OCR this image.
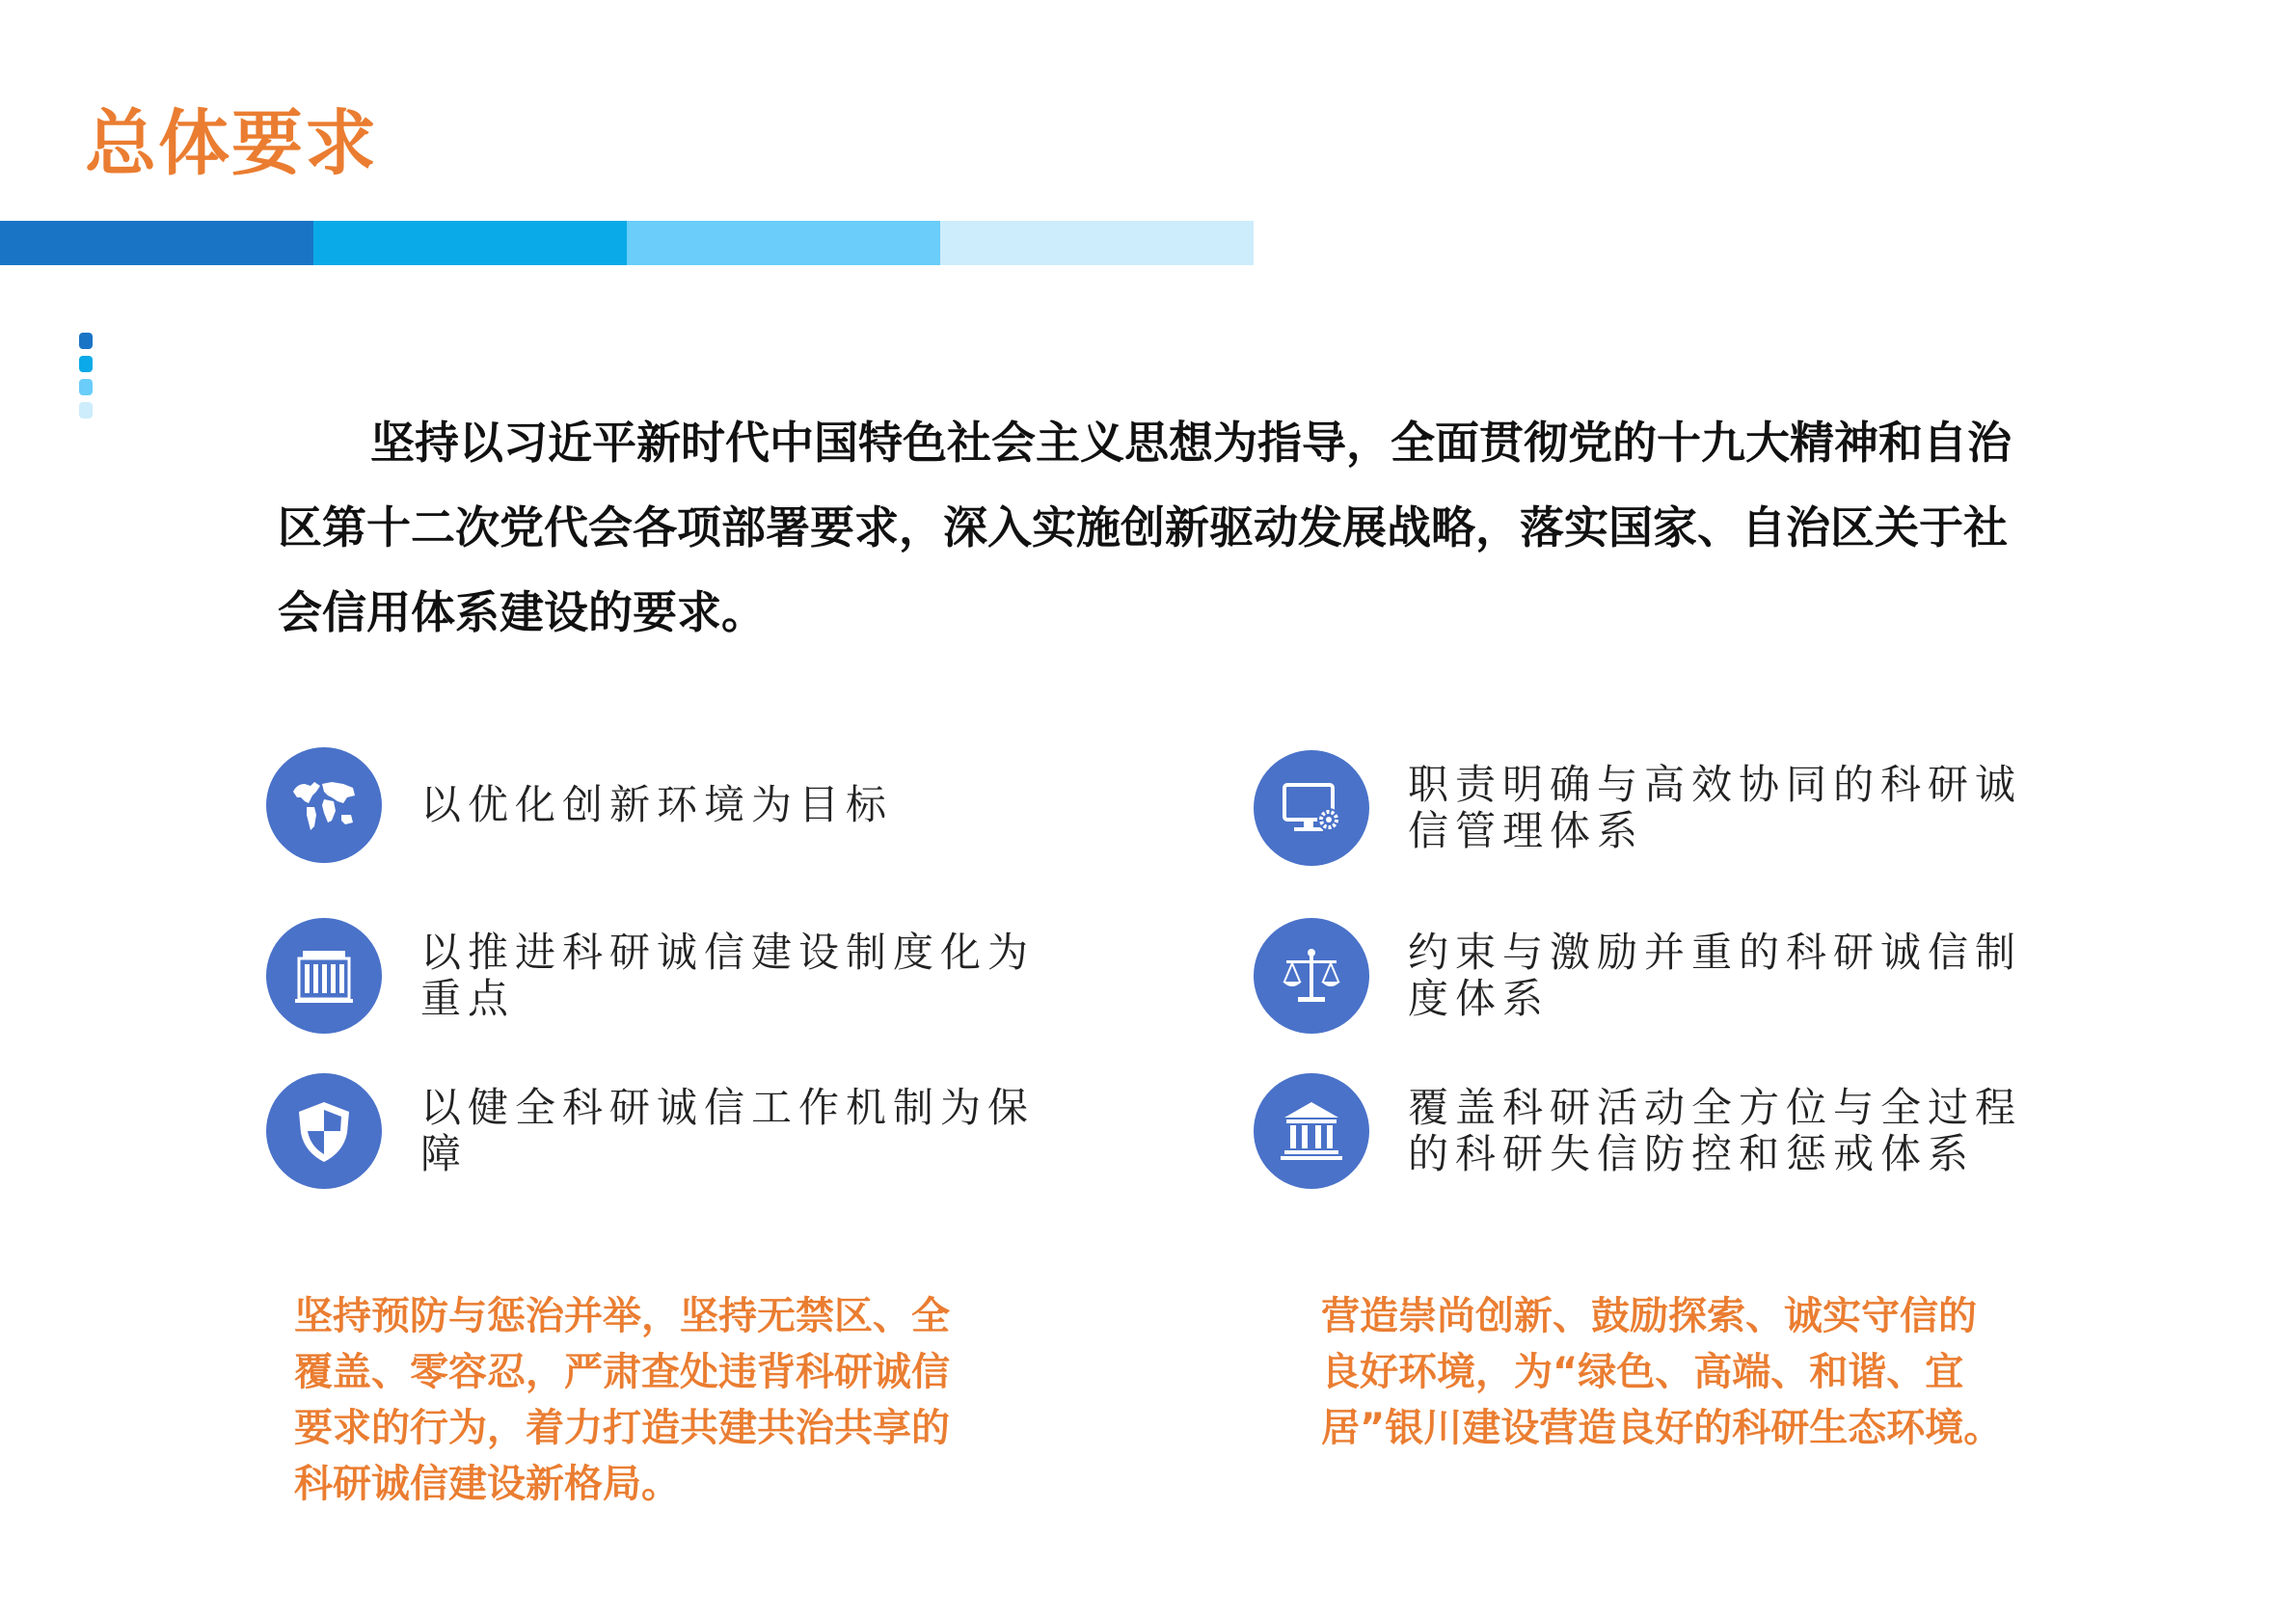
总体要求

坚持以习近平新时代中国特色社会主义思想为指导，全面贯彻党的十九大精神和自治区第十二次党代会各项部署要求，深入实施创新驱动发展战略，落实国家、自治区关于社会信用体系建设的要求。

以优化创新环境为目标
以推进科研诚信建设制度化为重点
以健全科研诚信工作机制为保障
职责明确与高效协同的科研诚信管理体系
约束与激励并重的科研诚信制度体系
覆盖科研活动全方位与全过程的科研失信防控和惩戒体系

坚持预防与惩治并举，坚持无禁区、全覆盖、零容忍，严肃查处违背科研诚信要求的行为，着力打造共建共治共享的科研诚信建设新格局。

营造崇尚创新、鼓励探索、诚实守信的良好环境，为“绿色、高端、和谐、宜居”银川建设营造良好的科研生态环境。
